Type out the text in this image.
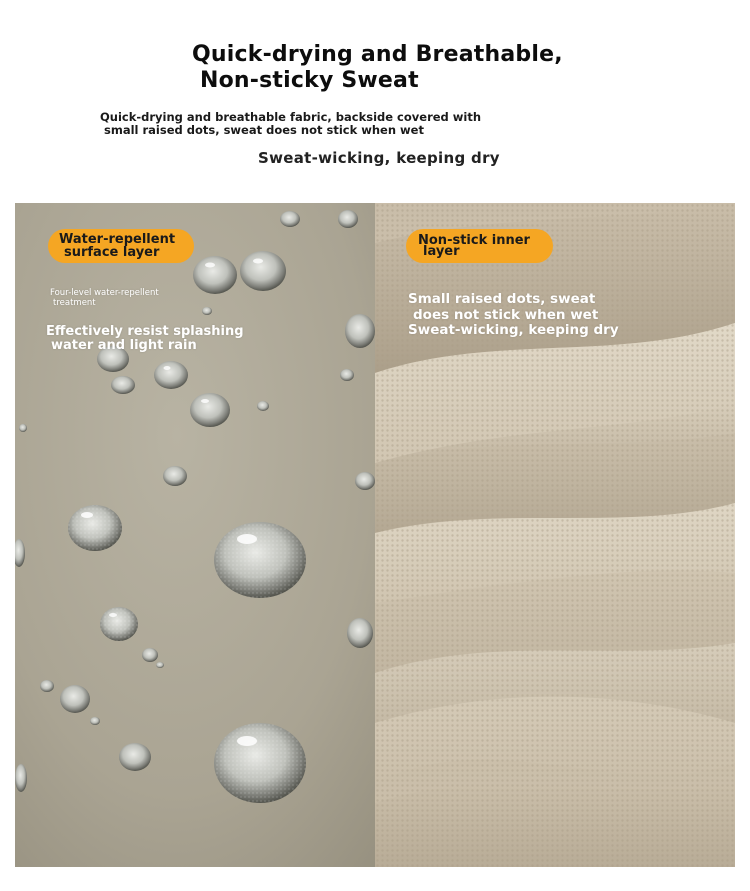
Quick-drying and Breathable,
Non-sticky Sweat
Quick-drying and breathable fabric, backside covered with
small raised dots, sweat does not stick when wet
Sweat-wicking, keeping dry
Water-repellent
surface layer
Four-level water-repellent
treatment
Effectively resist splashing
water and light rain
Non-stick inner
layer
Small raised dots, sweat
does not stick when wet
Sweat-wicking, keeping dry
